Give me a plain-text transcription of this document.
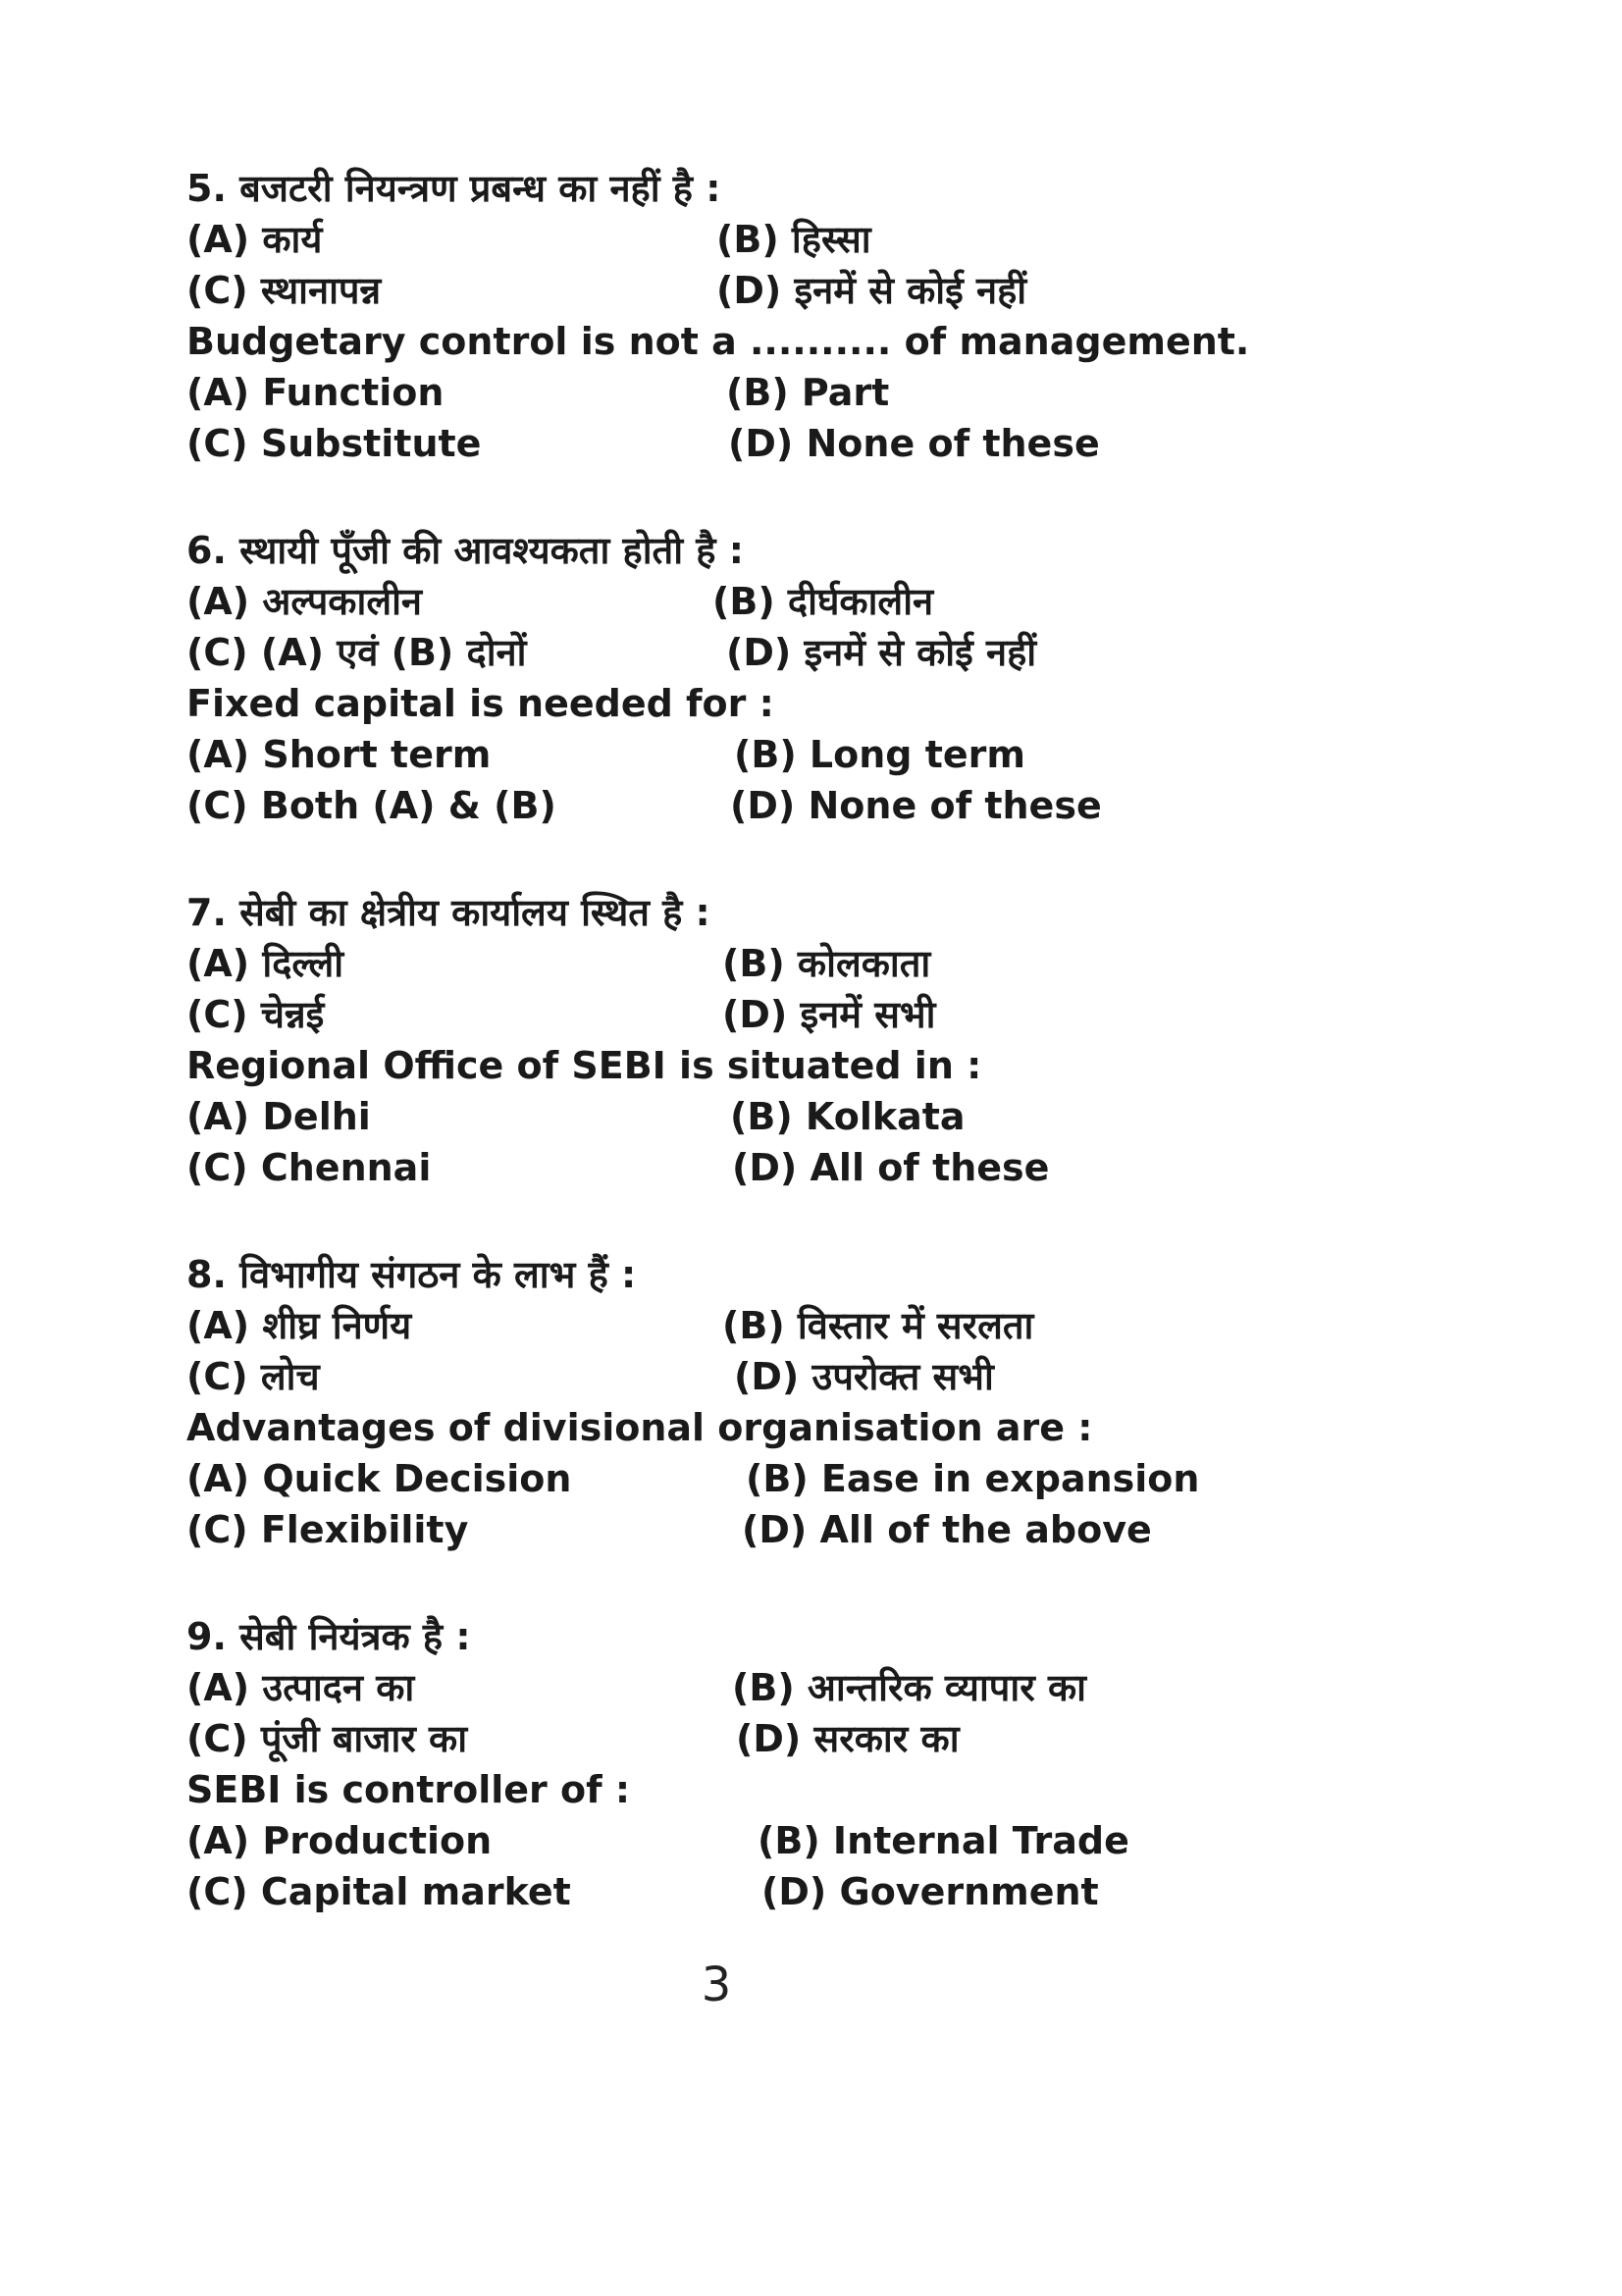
5. बजटरी नियन्त्रण प्रबन्ध का नहीं है :
(A) कार्य	(B) हिस्सा
(C) स्थानापन्न	(D) इनमें से कोई नहीं
Budgetary control is not a .......... of management.
(A) Function	(B) Part
(C) Substitute	(D) None of these
6. स्थायी पूँजी की आवश्यकता होती है :
(A) अल्पकालीन	(B) दीर्घकालीन
(C) (A) एवं (B) दोनों	(D) इनमें से कोई नहीं
Fixed capital is needed for :
(A) Short term	(B) Long term
(C) Both (A) & (B)	(D) None of these
7. सेबी का क्षेत्रीय कार्यालय स्थित है :
(A) दिल्ली	(B) कोलकाता
(C) चेन्नई	(D) इनमें सभी
Regional Office of SEBI is situated in :
(A) Delhi	(B) Kolkata
(C) Chennai	(D) All of these
8. विभागीय संगठन के लाभ हैं :
(A) शीघ्र निर्णय	(B) विस्तार में सरलता
(C) लोच	(D) उपरोक्त सभी
Advantages of divisional organisation are :
(A) Quick Decision	(B) Ease in expansion
(C) Flexibility	(D) All of the above
9. सेबी नियंत्रक है :
(A) उत्पादन का	(B) आन्तरिक व्यापार का
(C) पूंजी बाजार का	(D) सरकार का
SEBI is controller of :
(A) Production	(B) Internal Trade
(C) Capital market	(D) Government
3
